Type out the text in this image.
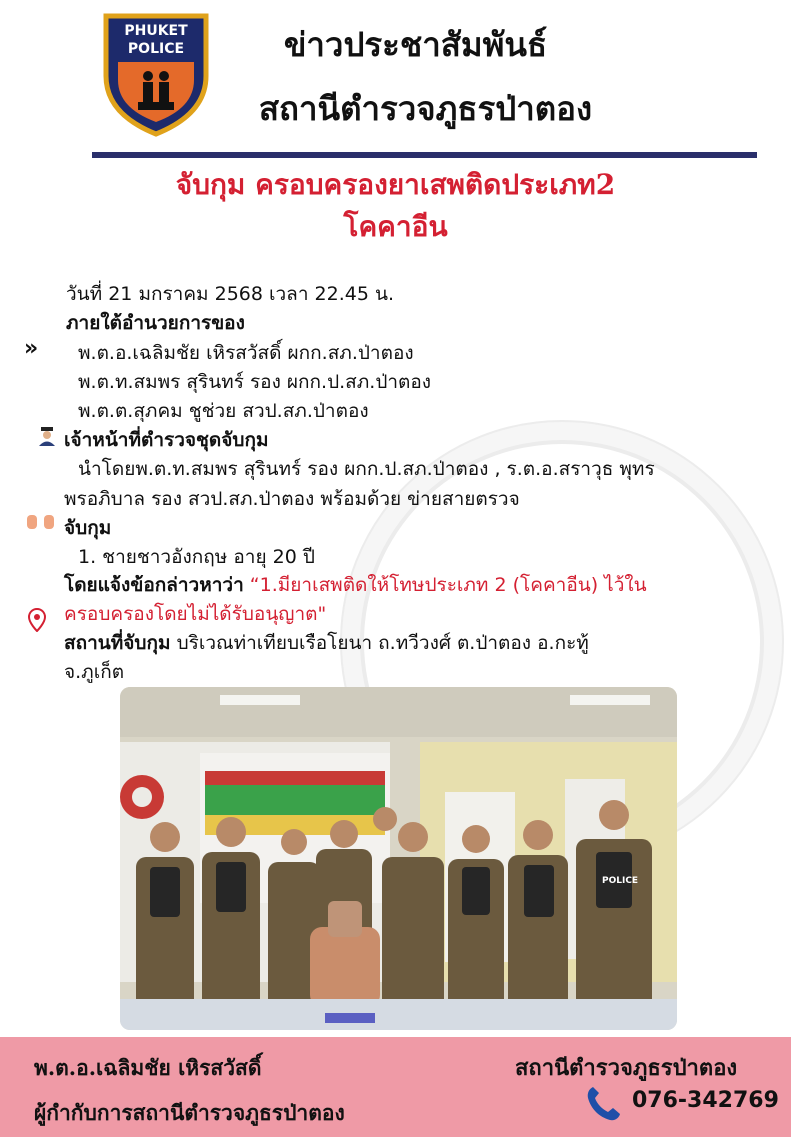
PHUKET
POLICE	ข่าวประชาสัมพันธ์
สถานีตำรวจภูธรป่าตอง
จับกุม ครอบครองยาเสพติดประเภท2
โคคาอีน
วันที่ 21 มกราคม 2568 เวลา 22.45 น.
ภายใต้อำนวยการของ
» พ.ต.อ.เฉลิมชัย เหิรสวัสดิ์ ผกก.สภ.ป่าตอง
พ.ต.ท.สมพร สุรินทร์ รอง ผกก.ป.สภ.ป่าตอง
พ.ต.ต.สุภคม ชูช่วย สวป.สภ.ป่าตอง
เจ้าหน้าที่ตำรวจชุดจับกุม
นำโดยพ.ต.ท.สมพร สุรินทร์ รอง ผกก.ป.สภ.ป่าตอง , ร.ต.อ.สราวุธ พุทร
พรอภิบาล รอง สวป.สภ.ป่าตอง พร้อมด้วย ข่ายสายตรวจ
จับกุม
1. ชายชาวอังกฤษ อายุ 20 ปี
โดยแจ้งข้อกล่าวหาว่า “1.มียาเสพติดให้โทษประเภท 2 (โคคาอีน) ไว้ใน
ครอบครองโดยไม่ได้รับอนุญาต"
สถานที่จับกุม บริเวณท่าเทียบเรือโยนา ถ.ทวีวงศ์ ต.ป่าตอง อ.กะทู้
จ.ภูเก็ต
POLICE
พ.ต.อ.เฉลิมชัย เหิรสวัสดิ์
ผู้กำกับการสถานีตำรวจภูธรป่าตอง
สถานีตำรวจภูธรป่าตอง
076-342769
